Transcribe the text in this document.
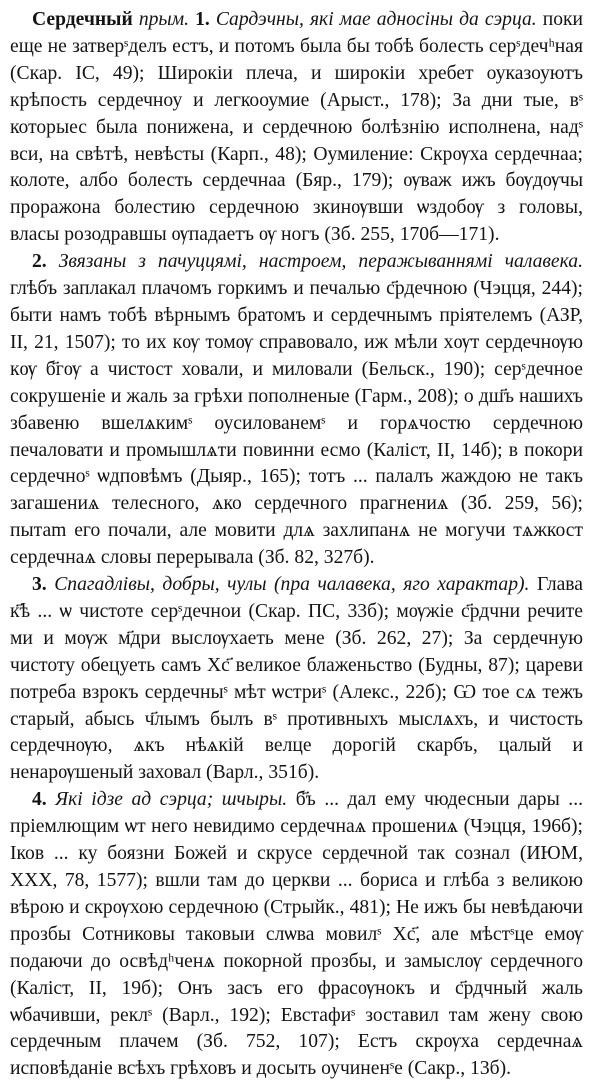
Сердечный прым. 1. Сардэчны, які мае адносіны да сэрца. поки еще не затверˢделъ естъ, и потомъ была бы тобѣ болесть серˢдечʰная (Скар. IC, 49); Широкіи плеча, и широкіи хребет оуказоуютъ крѣпость сердечноу и легкооумие (Арыст., 178); За дни тые, вˢ которыес была понижена, и сердечною болѣзнію исполнена, надˢ вси, на свѣтѣ, невѣсты (Карп., 48); Оумиление: Скрѹха сердечнаа; колоте, албо болесть сердечнаа (Бяр., 179); ѹваж ижъ бѹдѹчы проражона болестию сердечною зкинѹвши ѡздобѹ з головы, власы розодравшы ѹпадаетъ ѹ ногъ (Зб. 255, 170б—171).

2. Звязаны з пачуццямі, настроем, перажываннямі чалавека. глѣбъ заплакал плачомъ горкимъ и печалью с҃рдечною (Чэцця, 244); быти намъ тобѣ вѣрнымъ братомъ и сердечнымъ пріятелемъ (АЗР, II, 21, 1507); то их кѹ томѹ справовало, иж мѣли хѹт сердечнѹю кѹ б҃гѹ а чистост ховали, и миловали (Бельск., 190); серˢдечное сокрушеніе и жаль за грѣхи пополненые (Гарм., 208); о дш҃ъ нашихъ збавеню вшелѧкимˢ оусилованемˢ и горѧчостю сердечною печаловати и промышлѧти повинни есмо (Каліст, II, 14б); в покори сердечноˢ ѡдповѣмъ (Дыяр., 165); тотъ ... палалъ жаждою не такъ загашениѧ телесного, ѧко сердечного прагнениѧ (Зб. 259, 56); пытаm его почали, але мовити длѧ захлипанѧ не могучи тѧжкост сердечнаѧ словы перерывала (Зб. 82, 327б).

3. Спагадлівы, добры, чулы (пра чалавека, яго характар). Глава к҃ѣ ... ѡ чистоте серˢдечнои (Скар. ПС, 33б); мѹжіе с҃рдчни речите ми и мѹж м҃дри выслѹхаеть мене (Зб. 262, 27); За сердечную чистоту обецуеть самъ Хс҃ великое блаженьство (Будны, 87); цареви потреба взрокъ сердечныˢ мѣт ѡстриˢ (Алекс., 22б); Ѡ тое сѧ тежъ старый, абысь ч҃лымъ былъ вˢ противныхъ мыслѧхъ, и чистость сердечнѹю, ѧкъ нѣѧкій велце дорогій скарбъ, цалый и ненарѹшеный заховал (Варл., 351б).

4. Які ідзе ад сэрца; шчыры. б҃ъ ... дал ему чюдесныи дары ... пріемлющим ѡт него невидимо сердечнаѧ прошениѧ (Чэцця, 196б); Іков ... ку боязни Божей и скрусе сердечной так сознал (ИЮМ, XXX, 78, 1577); вшли там до церкви ... бориса и глѣба з великою вѣрою и скрѹхою сердечною (Стрыйк., 481); Не ижъ бы невѣдаючи прозбы Сотниковы таковыи слѡва мовилˢ Хс҃, але мѣстˢце емѹ подаючи до освѣдʰченѧ покорной прозбы, и замыслѹ сердечного (Каліст, II, 19б); Онъ засъ его фрасѹнокъ и с҃рдчный жаль ѡбачивши, реклˢ (Варл., 192); Евстафиˢ зоставил там жену свою сердечным плачем (Зб. 752, 107); Естъ скрѹха сердечнаѧ исповѣданіе всѣхъ грѣховъ и досыть оучиненˢе (Сакр., 13б).
